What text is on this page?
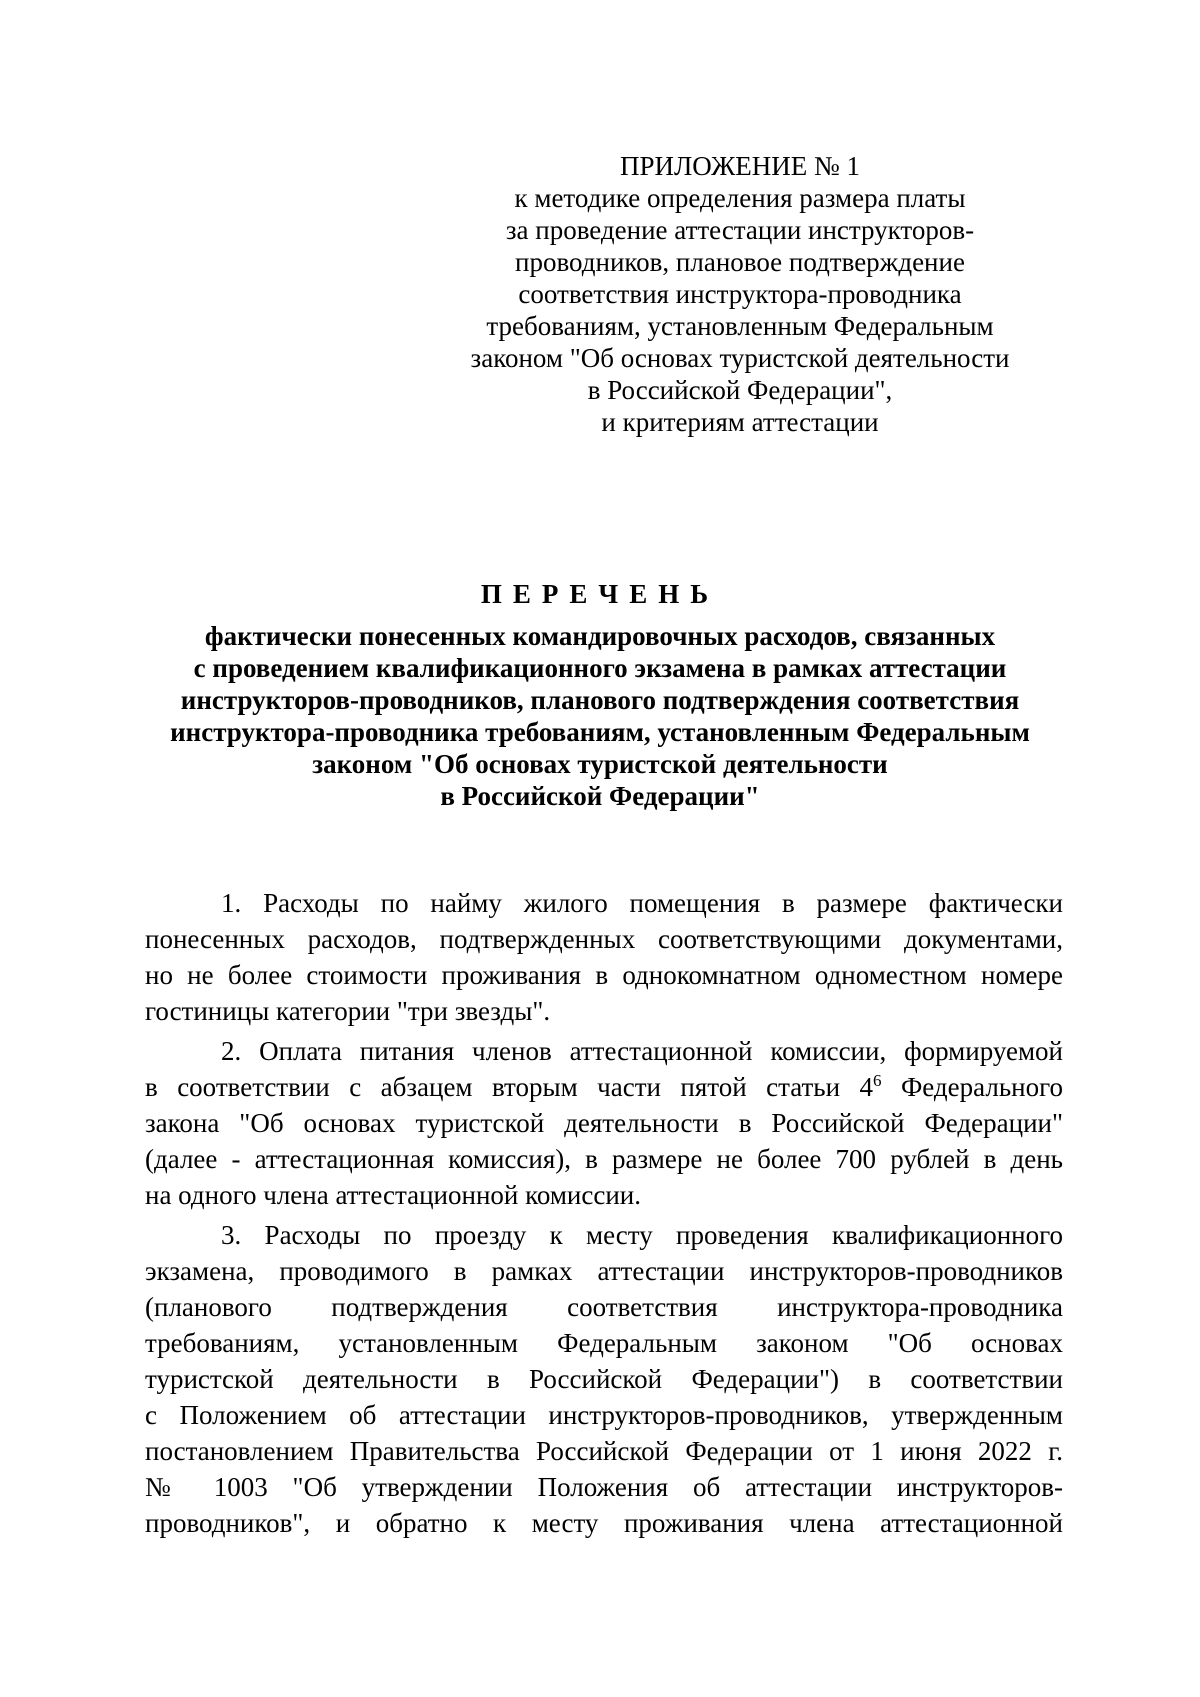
ПРИЛОЖЕНИЕ № 1
к методике определения размера платы
за проведение аттестации инструкторов-
проводников, плановое подтверждение
соответствия инструктора-проводника
требованиям, установленным Федеральным
законом "Об основах туристской деятельности
в Российской Федерации",
и критериям аттестации
ПЕРЕЧЕНЬ
фактически понесенных командировочных расходов, связанных
с проведением квалификационного экзамена в рамках аттестации
инструкторов-проводников, планового подтверждения соответствия
инструктора-проводника требованиям, установленным Федеральным
законом "Об основах туристской деятельности
в Российской Федерации"
1. Расходы по найму жилого помещения в размере фактически
понесенных расходов, подтвержденных соответствующими документами,
но не более стоимости проживания в однокомнатном одноместном номере
гостиницы категории "три звезды".
2. Оплата питания членов аттестационной комиссии, формируемой
в соответствии с абзацем вторым части пятой статьи $4^6$ Федерального
закона "Об основах туристской деятельности в Российской Федерации"
(далее - аттестационная комиссия), в размере не более 700 рублей в день
на одного члена аттестационной комиссии.
3. Расходы по проезду к месту проведения квалификационного
экзамена, проводимого в рамках аттестации инструкторов-проводников
(планового подтверждения соответствия инструктора-проводника
требованиям, установленным Федеральным законом "Об основах
туристской деятельности в Российской Федерации") в соответствии
с Положением об аттестации инструкторов-проводников, утвержденным
постановлением Правительства Российской Федерации от 1 июня 2022 г.
№ 1003 "Об утверждении Положения об аттестации инструкторов-
проводников", и обратно к месту проживания члена аттестационной
